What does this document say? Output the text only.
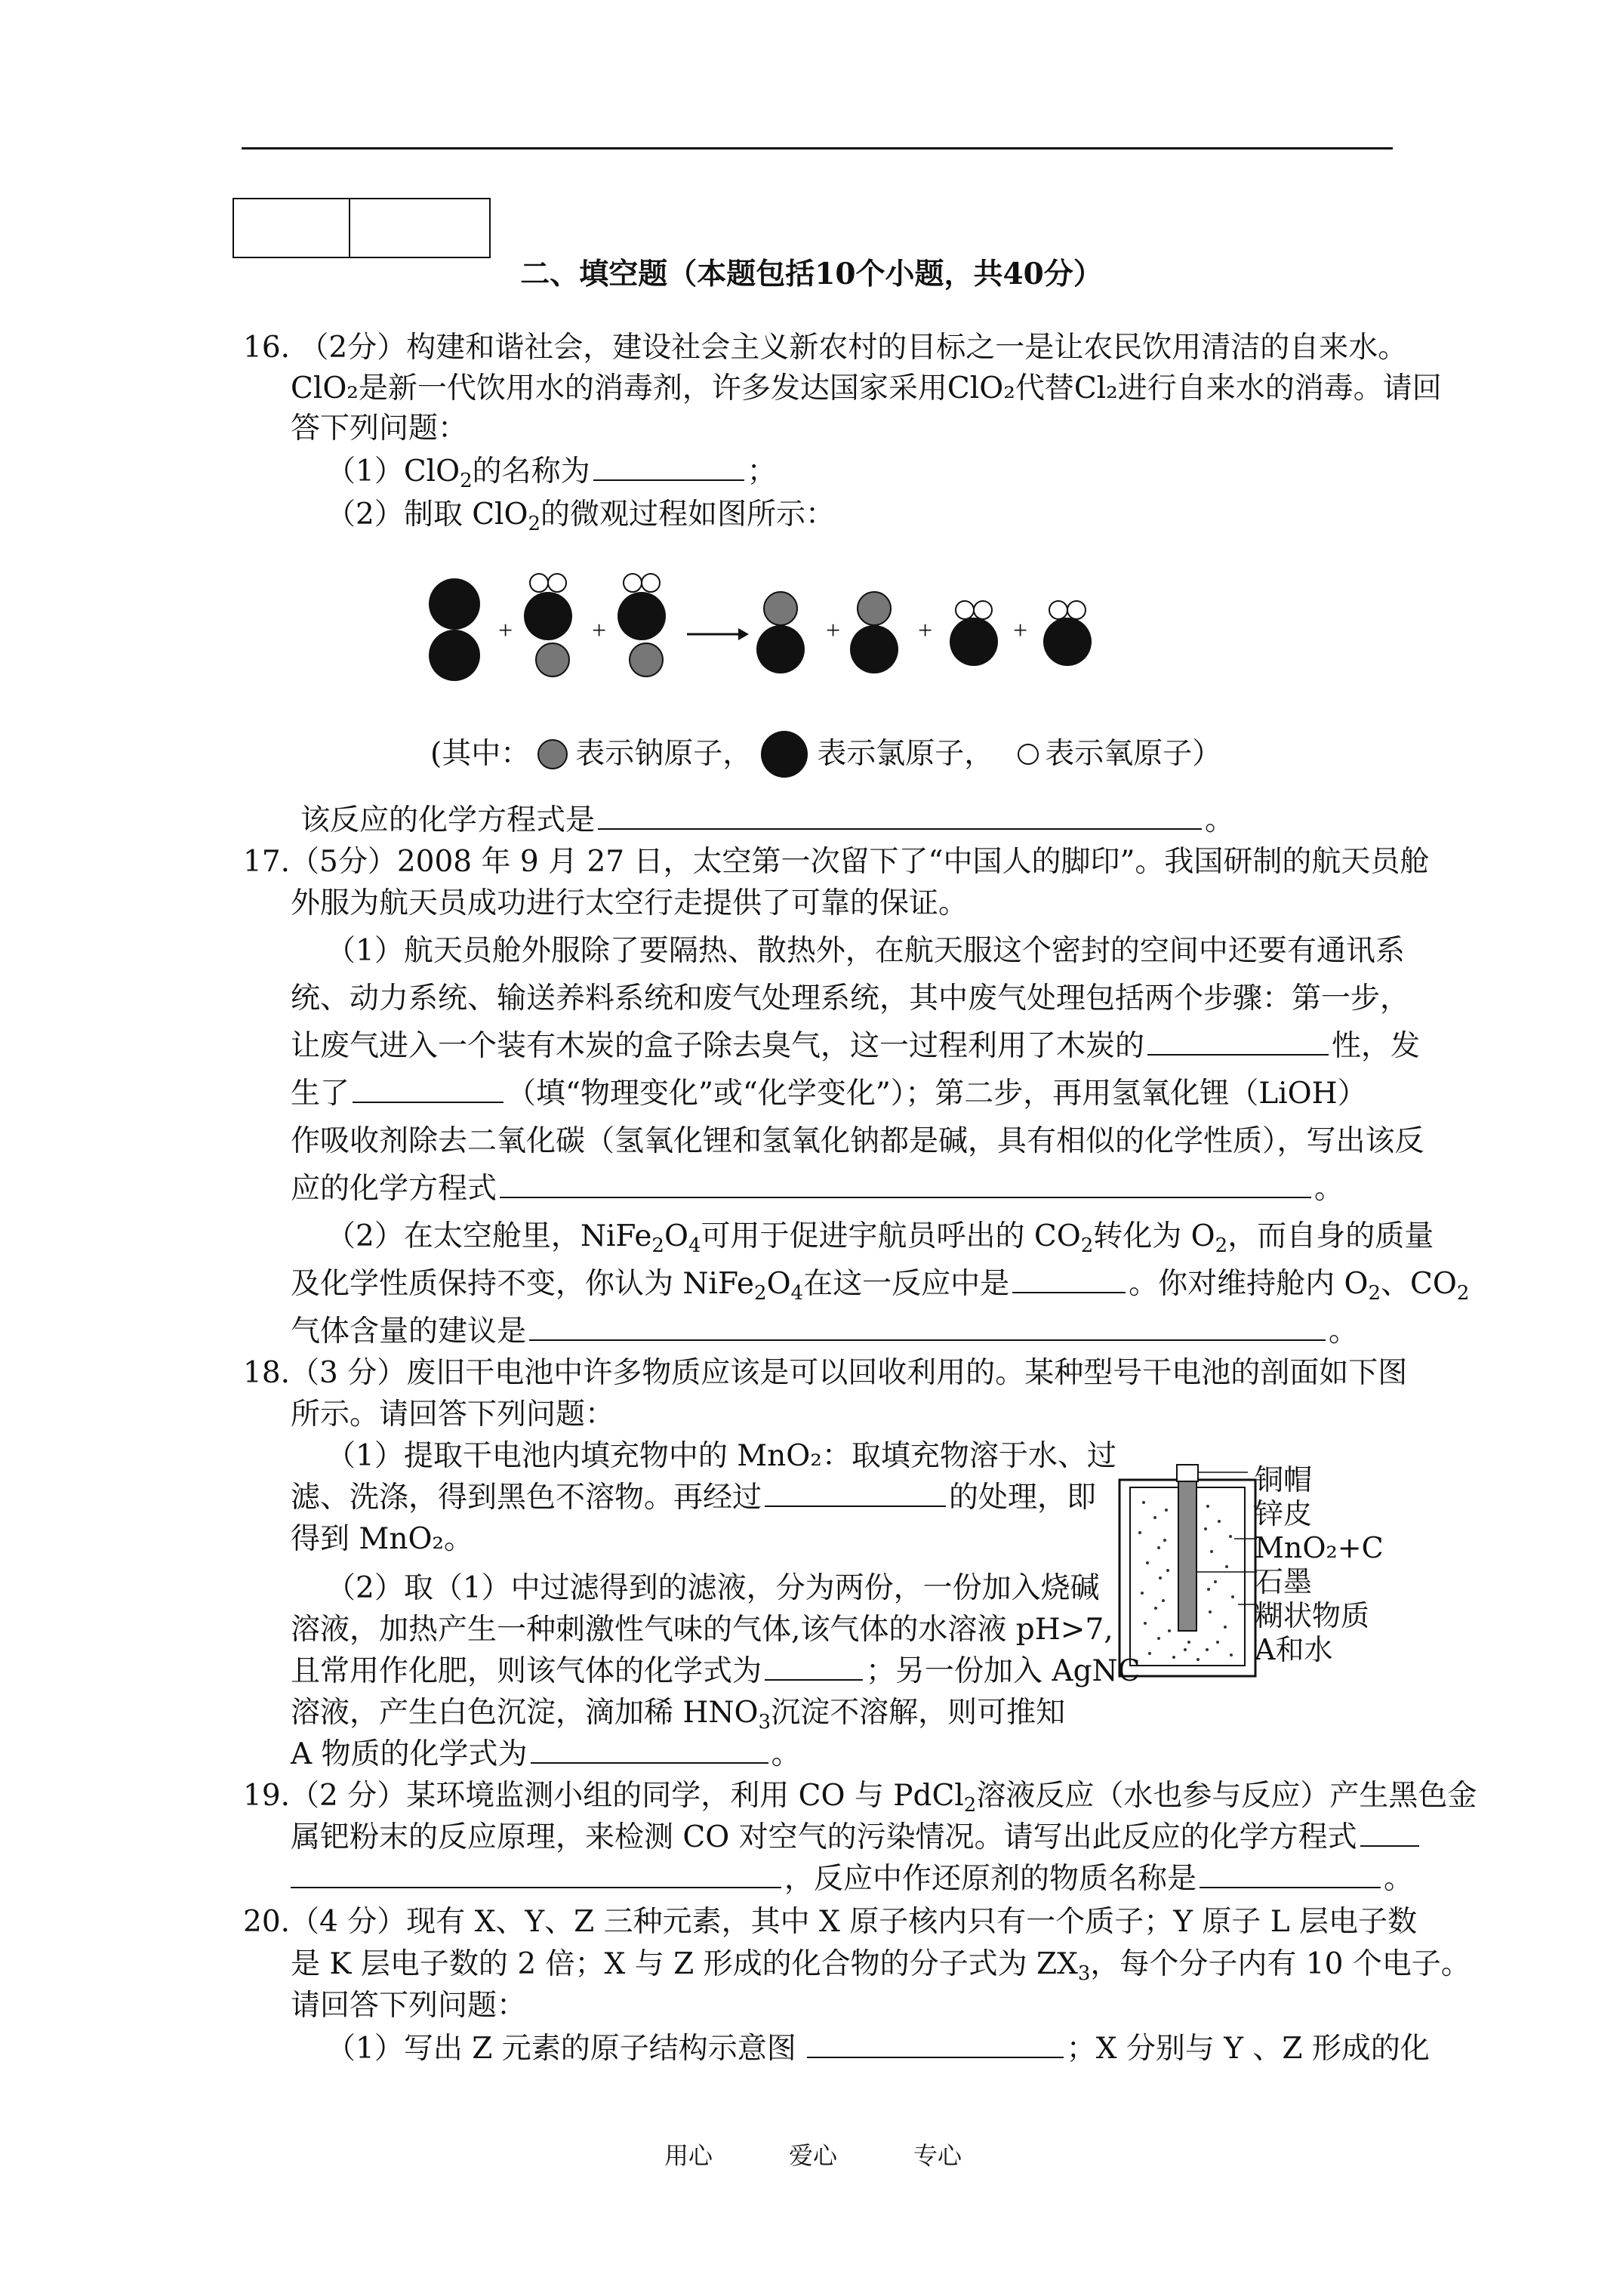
二、填空题（本题包括10个小题，共40分）
16. （2分）构建和谐社会，建设社会主义新农村的目标之一是让农民饮用清洁的自来水。
ClO₂是新一代饮用水的消毒剂，许多发达国家采用ClO₂代替Cl₂进行自来水的消毒。请回
答下列问题：
（1）ClO$_2$的名称为	；
（2）制取 ClO$_2$的微观过程如图所示：
+	+	+	+	+
(其中： 表示钠原子， 表示氯原子， 表示氧原子）
该反应的化学方程式是	。
17.（5分）2008 年 9 月 27 日，太空第一次留下了“中国人的脚印”。我国研制的航天员舱
外服为航天员成功进行太空行走提供了可靠的保证。
（1）航天员舱外服除了要隔热、散热外，在航天服这个密封的空间中还要有通讯系
统、动力系统、输送养料系统和废气处理系统，其中废气处理包括两个步骤：第一步，
让废气进入一个装有木炭的盒子除去臭气，这一过程利用了木炭的	性，发
生了	（填“物理变化”或“化学变化”）；第二步，再用氢氧化锂（LiOH）
作吸收剂除去二氧化碳（氢氧化锂和氢氧化钠都是碱，具有相似的化学性质），写出该反
应的化学方程式	。
（2）在太空舱里，$NiFe_2O_4$可用于促进宇航员呼出的 $CO_2$转化为 $O_2$，而自身的质量
及化学性质保持不变，你认为 $NiFe_2O_4$在这一反应中是	。你对维持舱内 $O_2$、$CO_2$
气体含量的建议是	。
18.（3 分）废旧干电池中许多物质应该是可以回收利用的。某种型号干电池的剖面如下图
所示。请回答下列问题：
（1）提取干电池内填充物中的 MnO₂：取填充物溶于水、过
滤、洗涤，得到黑色不溶物。再经过	的处理，即
得到 MnO₂。
（2）取（1）中过滤得到的滤液，分为两份，一份加入烧碱
溶液，加热产生一种刺激性气味的气体,该气体的水溶液 pH>7,
且常用作化肥，则该气体的化学式为	；另一份加入 AgNC
溶液，产生白色沉淀，滴加稀 $HNO_3$沉淀不溶解，则可推知
A 物质的化学式为	。
铜帽
锌皮
MnO₂+C
石墨
糊状物质
A和水
19.（2 分）某环境监测小组的同学，利用 CO 与 PdCl$_2$溶液反应（水也参与反应）产生黑色金
属钯粉末的反应原理，来检测 CO 对空气的污染情况。请写出此反应的化学方程式
，反应中作还原剂的物质名称是	。
20.（4 分）现有 X、Y、Z 三种元素，其中 X 原子核内只有一个质子；Y 原子 L 层电子数
是 K 层电子数的 2 倍；X 与 Z 形成的化合物的分子式为 $ZX_3$，每个分子内有 10 个电子。
请回答下列问题：
（1）写出 Z 元素的原子结构示意图	；X 分别与 Y 、Z 形成的化
用心	爱心	专心
